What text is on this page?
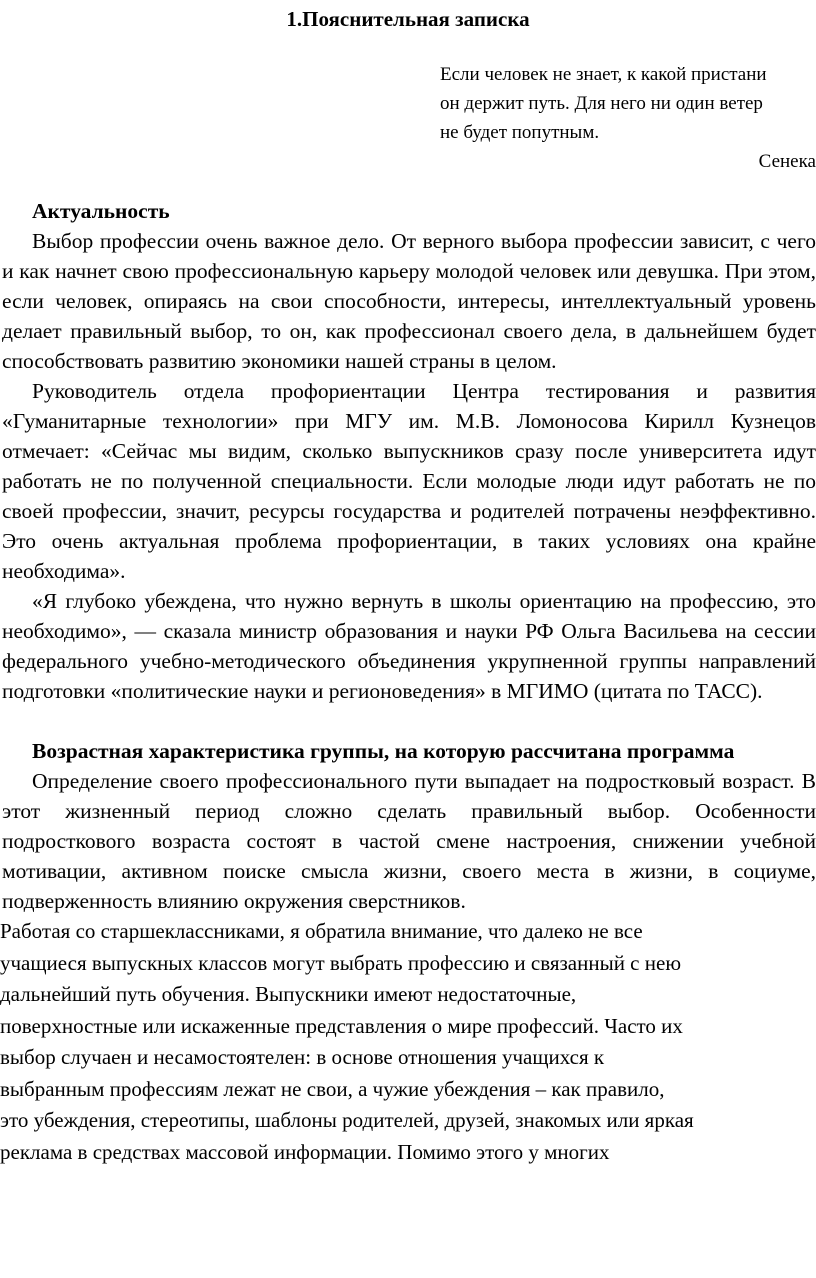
1.Пояснительная записка

Если человек не знает, к какой пристани

он держит путь. Для него ни один ветер

не будет попутным.

Сенека

Актуальность

Выбор профессии очень важное дело. От верного выбора профессии зависит, с чего и как начнет свою профессиональную карьеру молодой человек или девушка. При этом, если человек, опираясь на свои способности, интересы, интеллектуальный уровень делает правильный выбор, то он, как профессионал своего дела, в дальнейшем будет способствовать развитию экономики нашей страны в целом.

Руководитель отдела профориентации Центра тестирования и развития «Гуманитарные технологии» при МГУ им. М.В. Ломоносова Кирилл Кузнецов отмечает: «Сейчас мы видим, сколько выпускников сразу после университета идут работать не по полученной специальности. Если молодые люди идут работать не по своей профессии, значит, ресурсы государства и родителей потрачены неэффективно. Это очень актуальная проблема профориентации, в таких условиях она крайне необходима».

«Я глубоко убеждена, что нужно вернуть в школы ориентацию на профессию, это необходимо», — сказала министр образования и науки РФ Ольга Васильева на сессии федерального учебно-методического объединения укрупненной группы направлений подготовки «политические науки и регионоведения» в МГИМО (цитата по ТАСС).

Возрастная характеристика группы, на которую рассчитана программа

Определение своего профессионального пути выпадает на подростковый возраст. В этот жизненный период сложно сделать правильный выбор. Особенности подросткового возраста состоят в частой смене настроения, снижении учебной мотивации, активном поиске смысла жизни, своего места в жизни, в социуме, подверженность влиянию окружения сверстников.

Работая со старшеклассниками, я обратила внимание, что далеко не все

учащиеся выпускных классов могут выбрать профессию и связанный с нею

дальнейший путь обучения. Выпускники имеют недостаточные,

поверхностные или искаженные представления о мире профессий. Часто их

выбор случаен и несамостоятелен: в основе отношения учащихся к

выбранным профессиям лежат не свои, а чужие убеждения – как правило,

это убеждения, стереотипы, шаблоны родителей, друзей, знакомых или яркая

реклама в средствах массовой информации. Помимо этого у многих
